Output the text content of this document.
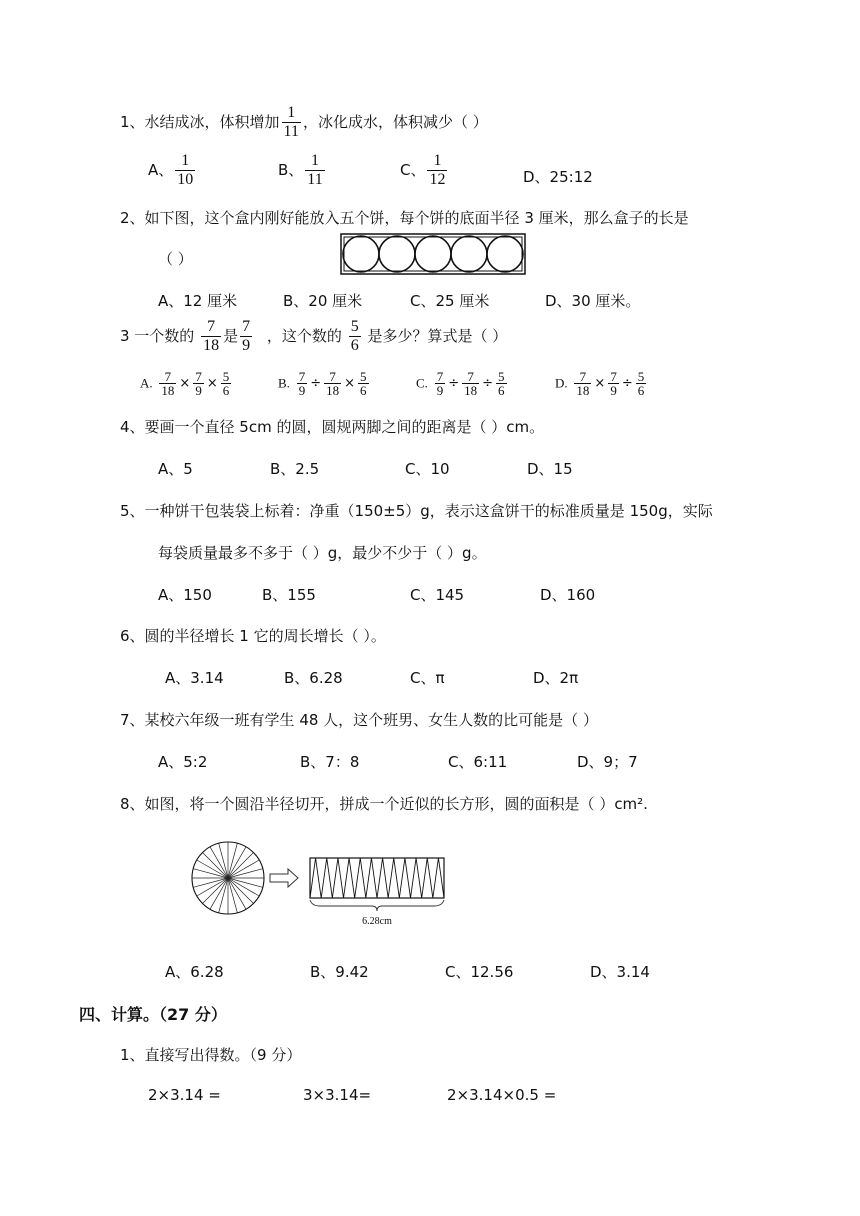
1、水结成冰，体积增加 $\frac{1}{11}$ ，冰化成水，体积减少（ ）
A、 $\frac{1}{10}$	B、 $\frac{1}{11}$	C、 $\frac{1}{12}$	D、25:12
2、如下图，这个盒内刚好能放入五个饼，每个饼的底面半径 3 厘米，那么盒子的长是
（ ）
A、12 厘米	B、20 厘米	C、25 厘米	D、30 厘米。
3 一个数的 $\frac{7}{18}$ 是 $\frac{7}{9}$ ，这个数的 $\frac{5}{6}$ 是多少？算式是（ ）
A. $\frac{7}{18} \times \frac{7}{9} \times \frac{5}{6}$	B. $\frac{7}{9} \div \frac{7}{18} \times \frac{5}{6}$	C. $\frac{7}{9} \div \frac{7}{18} \div \frac{5}{6}$	D. $\frac{7}{18} \times \frac{7}{9} \div \frac{5}{6}$
4、要画一个直径 5cm 的圆，圆规两脚之间的距离是（ ）cm。
A、5	B、2.5	C、10	D、15
5、一种饼干包装袋上标着：净重（150±5）g，表示这盒饼干的标准质量是 150g，实际
每袋质量最多不多于（ ）g，最少不少于（ ）g。
A、150	B、155	C、145	D、160
6、圆的半径增长 1 它的周长增长（ ）。
A、3.14	B、6.28	C、π	D、2π
7、某校六年级一班有学生 48 人，这个班男、女生人数的比可能是（ ）
A、5:2	B、7：8	C、6:11	D、9；7
8、如图，将一个圆沿半径切开，拼成一个近似的长方形，圆的面积是（ ）cm².
6.28cm
A、6.28	B、9.42	C、12.56	D、3.14
四、计算。（27 分）
1、直接写出得数。（9 分）
2×3.14 =	3×3.14=	2×3.14×0.5 =
